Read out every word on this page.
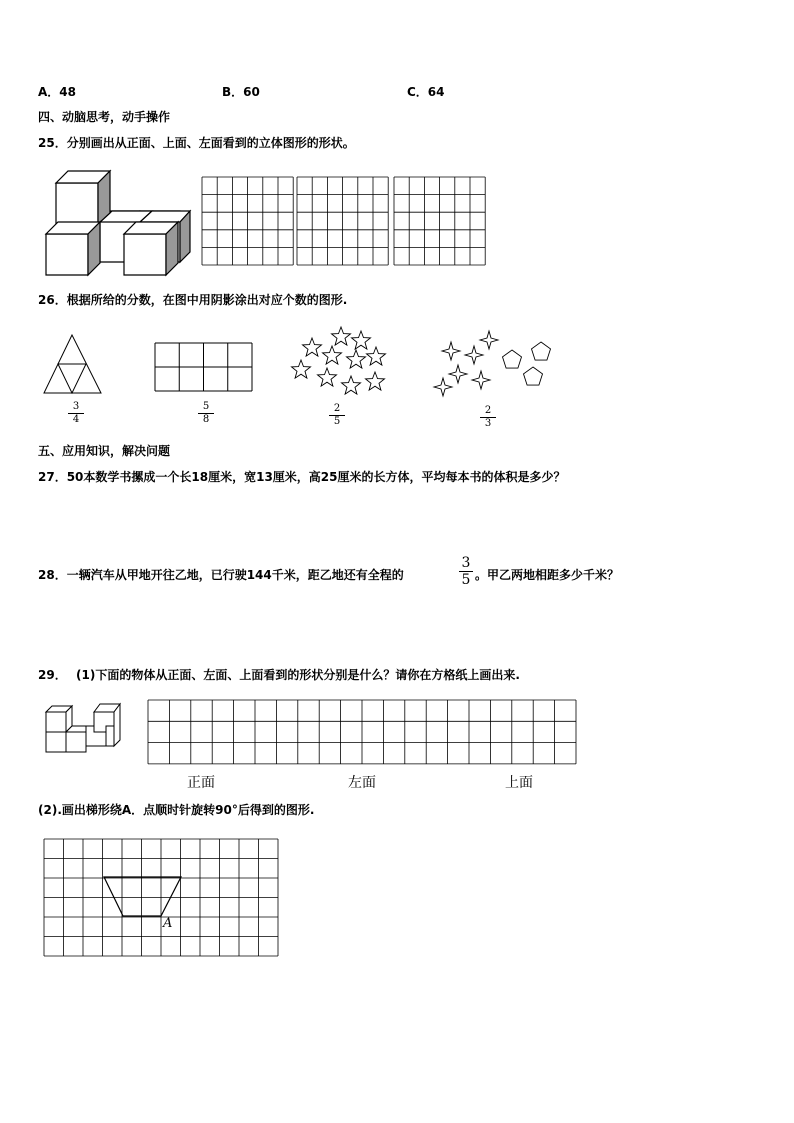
A．48	B．60	C．64
四、动脑思考，动手操作
25．分别画出从正面、上面、左面看到的立体图形的形状。
26．根据所给的分数，在图中用阴影涂出对应个数的图形.
3
4
5
8
2
5
2
3
五、应用知识，解决问题
27．50本数学书摞成一个长18厘米，宽13厘米，高25厘米的长方体，平均每本书的体积是多少？
28．一辆汽车从甲地开往乙地，已行驶144千米，距乙地还有全程的
3
5 。甲乙两地相距多少千米？
29． (1)下面的物体从正面、左面、上面看到的形状分别是什么？请你在方格纸上画出来.
正面	左面	上面
(2).画出梯形绕A．点顺时针旋转90°后得到的图形.
A
